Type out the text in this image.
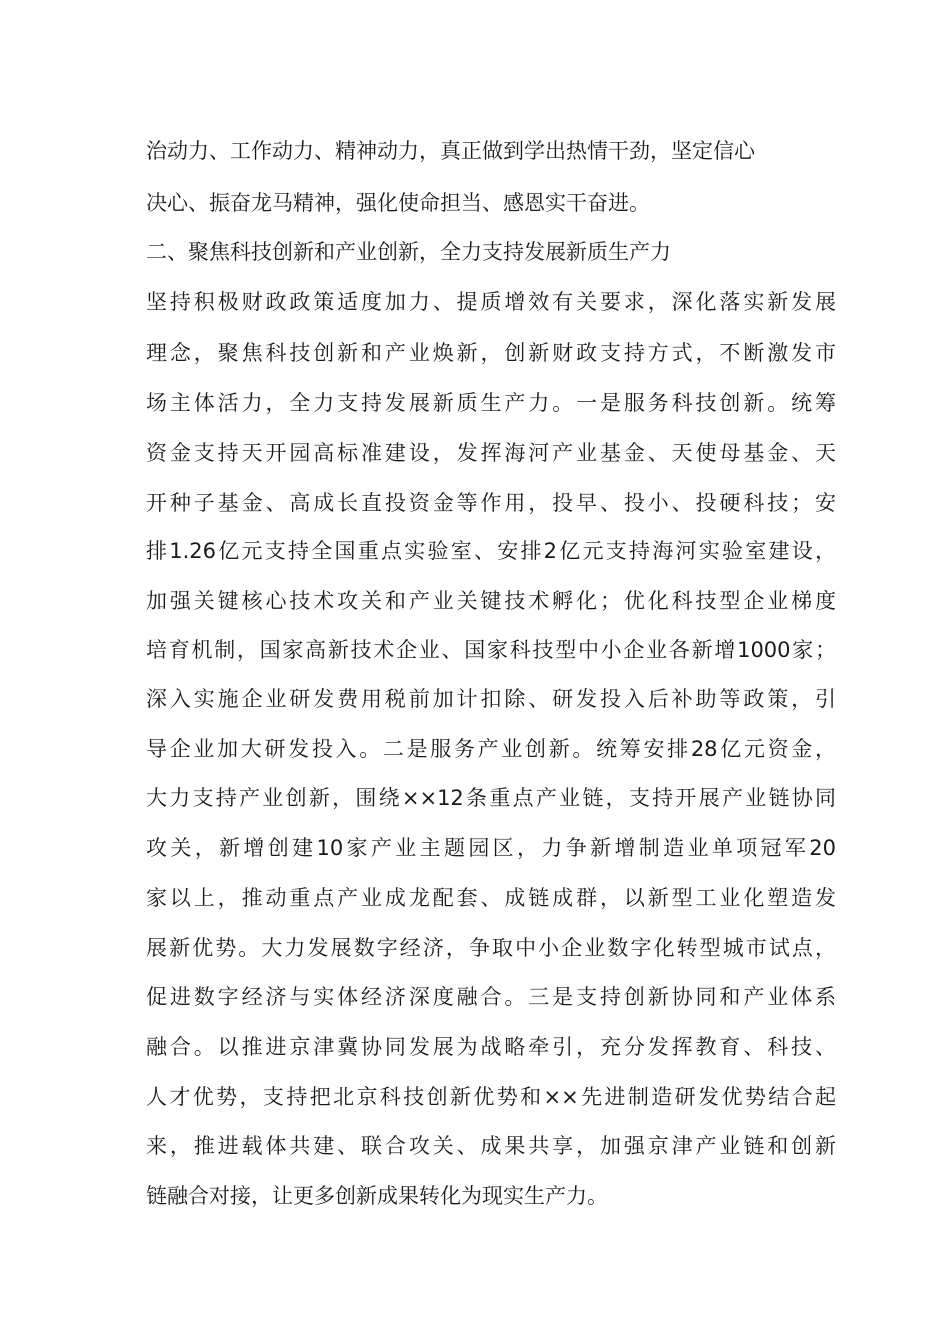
治动力、工作动力、精神动力，真正做到学出热情干劲，坚定信心
决心、振奋龙马精神，强化使命担当、感恩实干奋进。
二、聚焦科技创新和产业创新，全力支持发展新质生产力
坚持积极财政政策适度加力、提质增效有关要求，深化落实新发展
理念，聚焦科技创新和产业焕新，创新财政支持方式，不断激发市
场主体活力，全力支持发展新质生产力。一是服务科技创新。统筹
资金支持天开园高标准建设，发挥海河产业基金、天使母基金、天
开种子基金、高成长直投资金等作用，投早、投小、投硬科技；安
排1.26亿元支持全国重点实验室、安排2亿元支持海河实验室建设，
加强关键核心技术攻关和产业关键技术孵化；优化科技型企业梯度
培育机制，国家高新技术企业、国家科技型中小企业各新增1000家；
深入实施企业研发费用税前加计扣除、研发投入后补助等政策，引
导企业加大研发投入。二是服务产业创新。统筹安排28亿元资金，
大力支持产业创新，围绕××12条重点产业链，支持开展产业链协同
攻关，新增创建10家产业主题园区，力争新增制造业单项冠军20
家以上，推动重点产业成龙配套、成链成群，以新型工业化塑造发
展新优势。大力发展数字经济，争取中小企业数字化转型城市试点，
促进数字经济与实体经济深度融合。三是支持创新协同和产业体系
融合。以推进京津冀协同发展为战略牵引，充分发挥教育、科技、
人才优势，支持把北京科技创新优势和××先进制造研发优势结合起
来，推进载体共建、联合攻关、成果共享，加强京津产业链和创新
链融合对接，让更多创新成果转化为现实生产力。
